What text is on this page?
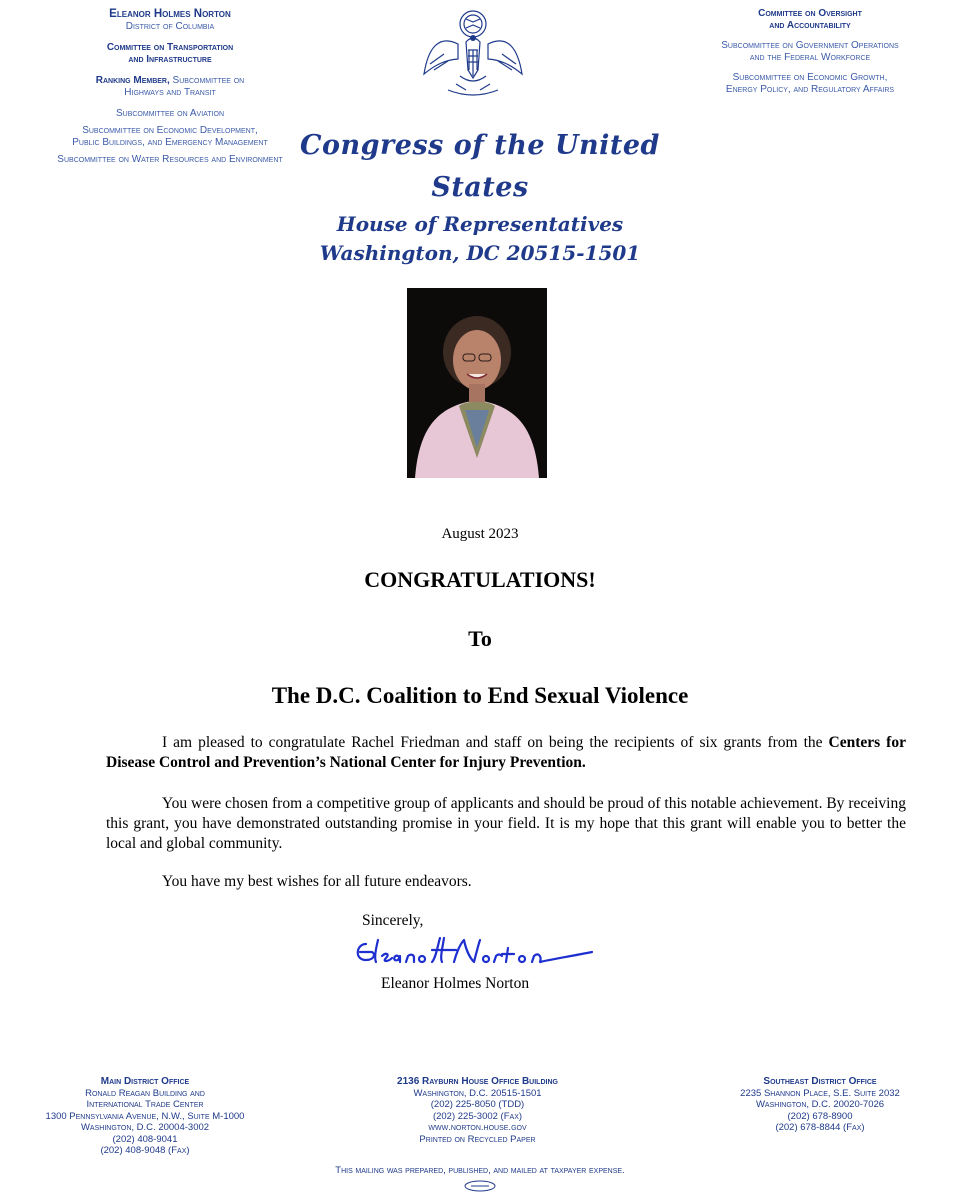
Eleanor Holmes Norton
District of Columbia
Committee on Transportation
and Infrastructure
Ranking Member, Subcommittee on
Highways and Transit
Subcommittee on Aviation
Subcommittee on Economic Development,
Public Buildings, and Emergency Management
Subcommittee on Water Resources and Environment
Committee on Oversight
and Accountability
Subcommittee on Government Operations
and the Federal Workforce
Subcommittee on Economic Growth,
Energy Policy, and Regulatory Affairs
Congress of the United States
House of Representatives
Washington, DC 20515-1501
August 2023
CONGRATULATIONS!
To
The D.C. Coalition to End Sexual Violence
I am pleased to congratulate Rachel Friedman and staff on being the recipients of six grants from the Centers for Disease Control and Prevention’s National Center for Injury Prevention.
You were chosen from a competitive group of applicants and should be proud of this notable achievement. By receiving this grant, you have demonstrated outstanding promise in your field. It is my hope that this grant will enable you to better the local and global community.
You have my best wishes for all future endeavors.
Sincerely,
Eleanor Holmes Norton
Main District Office
Ronald Reagan Building and
International Trade Center
1300 Pennsylvania Avenue, N.W., Suite M-1000
Washington, D.C. 20004-3002
(202) 408-9041
(202) 408-9048 (Fax)
2136 Rayburn House Office Building
Washington, D.C. 20515-1501
(202) 225-8050 (TDD)
(202) 225-3002 (Fax)
www.norton.house.gov
Printed on Recycled Paper
Southeast District Office
2235 Shannon Place, S.E. Suite 2032
Washington, D.C. 20020-7026
(202) 678-8900
(202) 678-8844 (Fax)
This mailing was prepared, published, and mailed at taxpayer expense.
